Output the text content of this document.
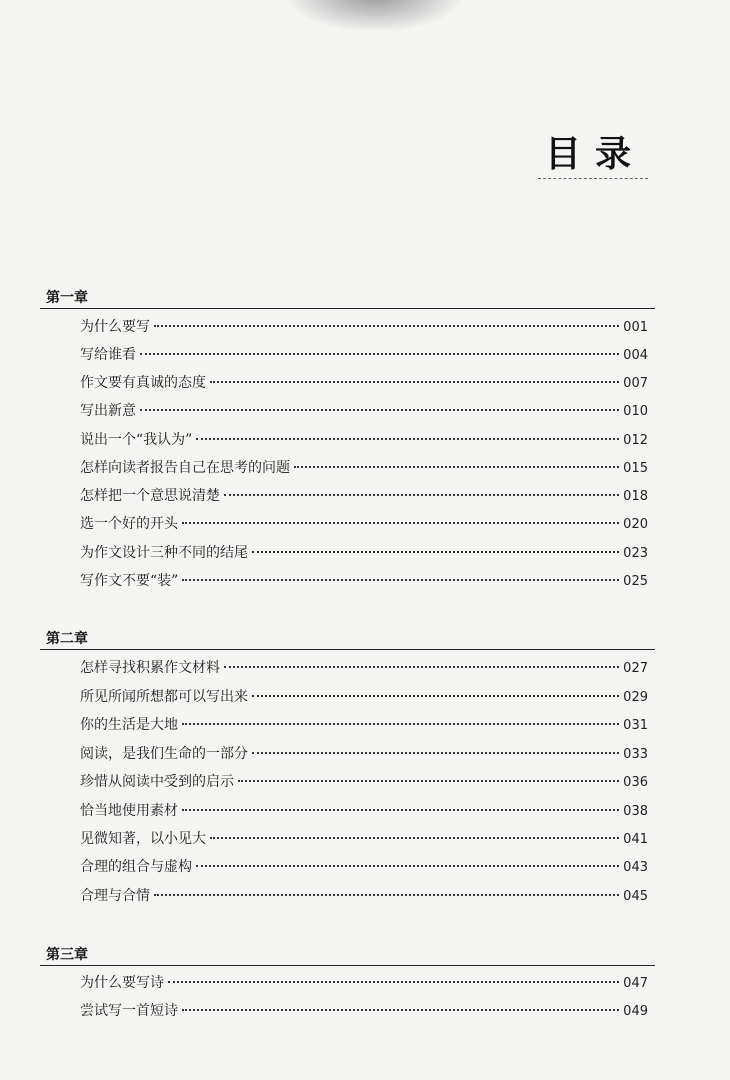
目录
第一章
为什么要写	001
写给谁看	004
作文要有真诚的态度	007
写出新意	010
说出一个“我认为”	012
怎样向读者报告自己在思考的问题	015
怎样把一个意思说清楚	018
选一个好的开头	020
为作文设计三种不同的结尾	023
写作文不要“装”	025
第二章
怎样寻找积累作文材料	027
所见所闻所想都可以写出来	029
你的生活是大地	031
阅读，是我们生命的一部分	033
珍惜从阅读中受到的启示	036
恰当地使用素材	038
见微知著，以小见大	041
合理的组合与虚构	043
合理与合情	045
第三章
为什么要写诗	047
尝试写一首短诗	049
